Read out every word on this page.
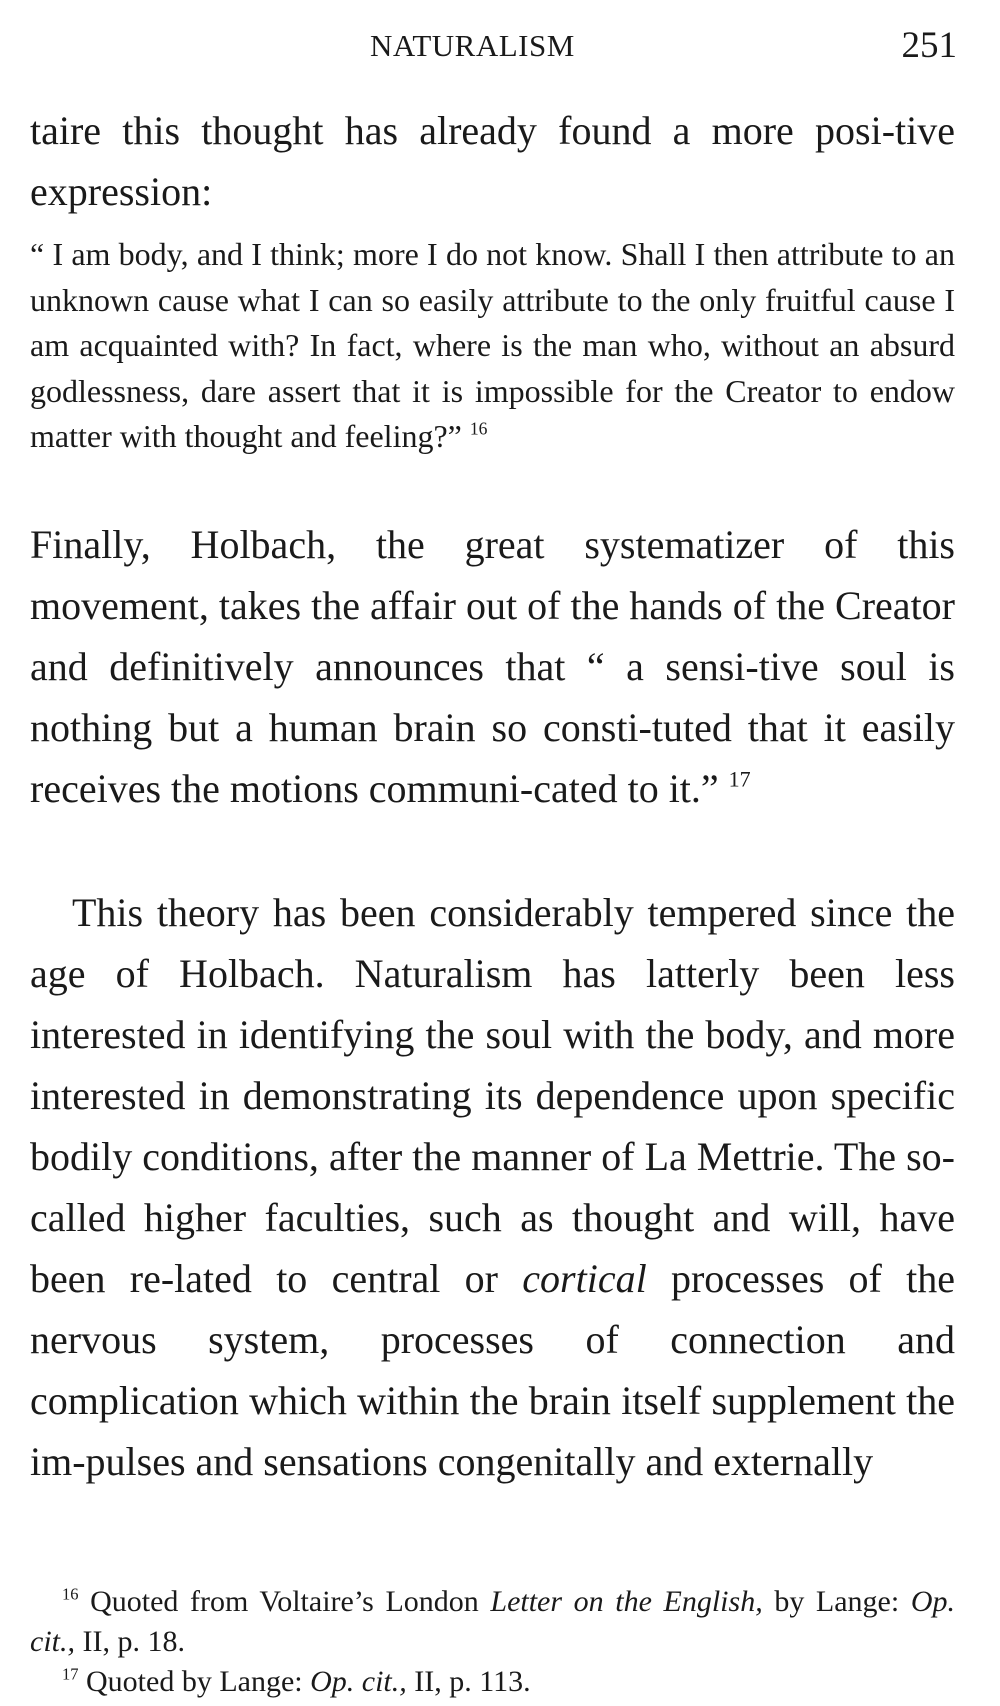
NATURALISM	251

taire this thought has already found a more posi-tive expression:

“ I am body, and I think; more I do not know. Shall I then attribute to an unknown cause what I can so easily attribute to the only fruitful cause I am acquainted with? In fact, where is the man who, without an absurd godlessness, dare assert that it is impossible for the Creator to endow matter with thought and feeling?” $^{16}$

Finally, Holbach, the great systematizer of this movement, takes the affair out of the hands of the Creator and definitively announces that “ a sensi-tive soul is nothing but a human brain so consti-tuted that it easily receives the motions communi-cated to it.” $^{17}$

This theory has been considerably tempered since the age of Holbach. Naturalism has latterly been less interested in identifying the soul with the body, and more interested in demonstrating its dependence upon specific bodily conditions, after the manner of La Mettrie. The so-called higher faculties, such as thought and will, have been re-lated to central or cortical processes of the nervous system, processes of connection and complication which within the brain itself supplement the im-pulses and sensations congenitally and externally

$^{16}$ Quoted from Voltaire’s London Letter on the English, by Lange: Op. cit., II, p. 18.

$^{17}$ Quoted by Lange: Op. cit., II, p. 113.
